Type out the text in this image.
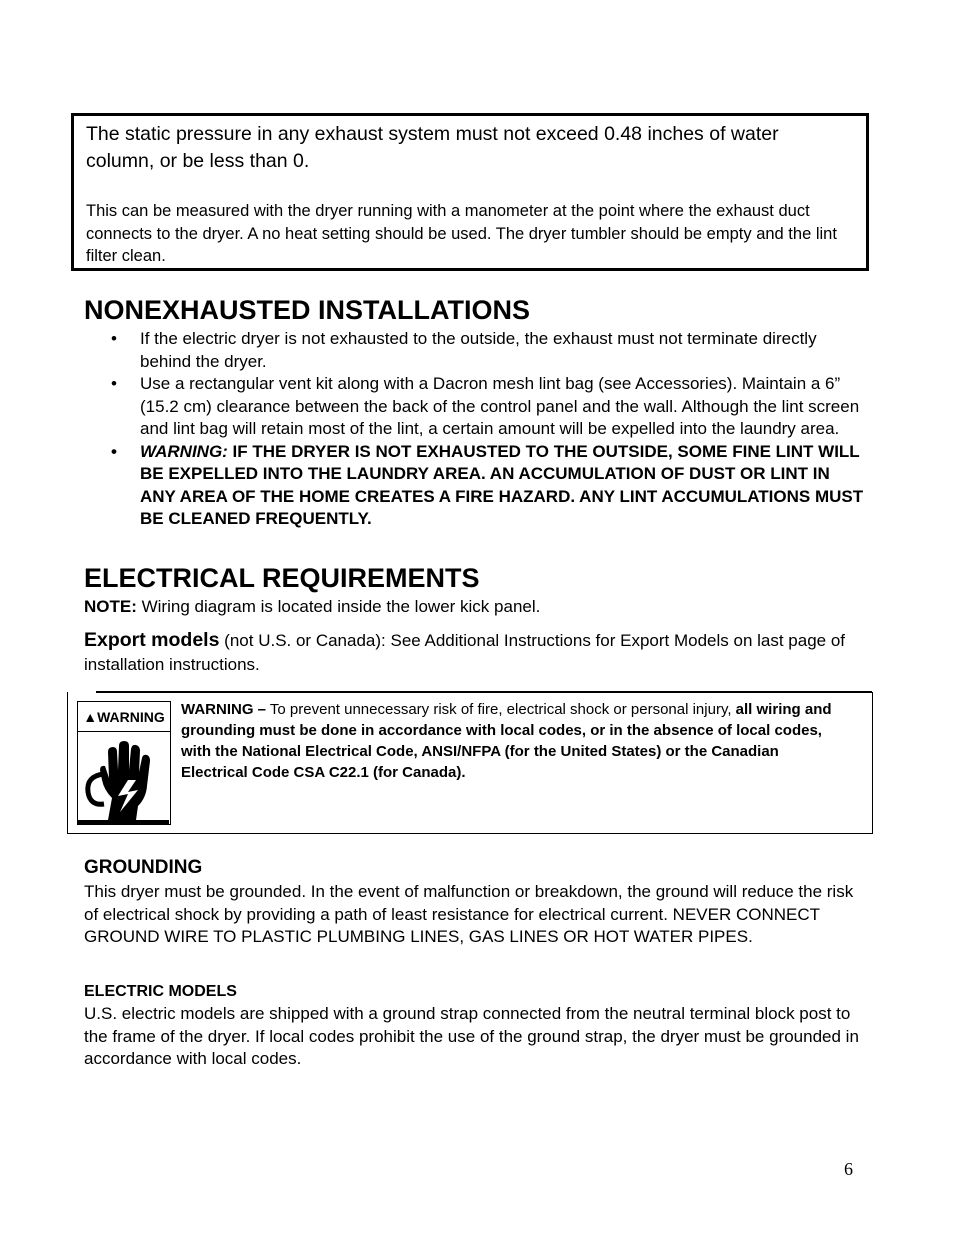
The static pressure in any exhaust system must not exceed 0.48 inches of water column, or be less than 0.
This can be measured with the dryer running with a manometer at the point where the exhaust duct connects to the dryer. A no heat setting should be used. The dryer tumbler should be empty and the lint filter clean.
NONEXHAUSTED INSTALLATIONS
• If the electric dryer is not exhausted to the outside, the exhaust must not terminate directly behind the dryer.
• Use a rectangular vent kit along with a Dacron mesh lint bag (see Accessories). Maintain a 6” (15.2 cm) clearance between the back of the control panel and the wall. Although the lint screen and lint bag will retain most of the lint, a certain amount will be expelled into the laundry area.
• WARNING: IF THE DRYER IS NOT EXHAUSTED TO THE OUTSIDE, SOME FINE LINT WILL BE EXPELLED INTO THE LAUNDRY AREA. AN ACCUMULATION OF DUST OR LINT IN ANY AREA OF THE HOME CREATES A FIRE HAZARD. ANY LINT ACCUMULATIONS MUST BE CLEANED FREQUENTLY.
ELECTRICAL REQUIREMENTS
NOTE: Wiring diagram is located inside the lower kick panel.
Export models (not U.S. or Canada): See Additional Instructions for Export Models on last page of installation instructions.
▲WARNING	WARNING – To prevent unnecessary risk of fire, electrical shock or personal injury, all wiring and grounding must be done in accordance with local codes, or in the absence of local codes, with the National Electrical Code, ANSI/NFPA (for the United States) or the Canadian Electrical Code CSA C22.1 (for Canada).
GROUNDING

This dryer must be grounded. In the event of malfunction or breakdown, the ground will reduce the risk of electrical shock by providing a path of least resistance for electrical current. NEVER CONNECT GROUND WIRE TO PLASTIC PLUMBING LINES, GAS LINES OR HOT WATER PIPES.

ELECTRIC MODELS

U.S. electric models are shipped with a ground strap connected from the neutral terminal block post to the frame of the dryer. If local codes prohibit the use of the ground strap, the dryer must be grounded in accordance with local codes.

6
